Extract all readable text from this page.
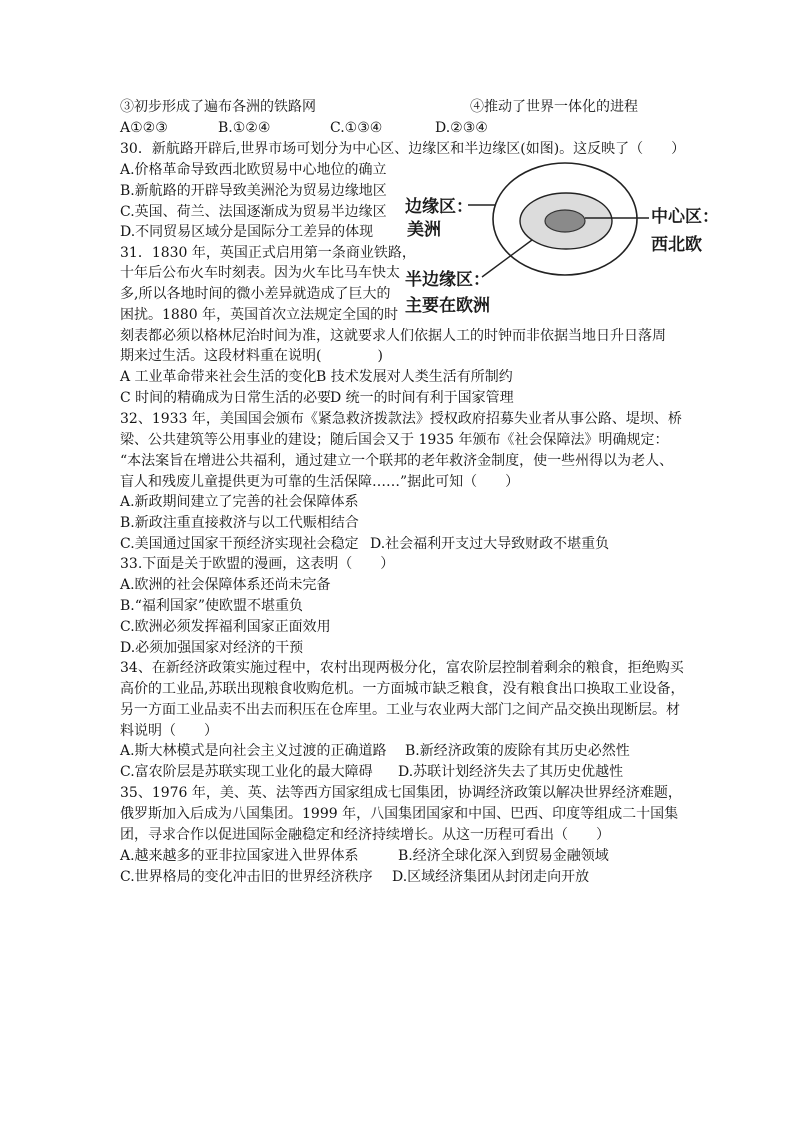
③初步形成了遍布各洲的铁路网	④推动了世界一体化的进程
A①②③	B.①②④	C.①③④	D.②③④
30．新航路开辟后,世界市场可划分为中心区、边缘区和半边缘区(如图)。这反映了（　　）
A.价格革命导致西北欧贸易中心地位的确立
B.新航路的开辟导致美洲沦为贸易边缘地区
C.英国、荷兰、法国逐渐成为贸易半边缘区
D.不同贸易区域分是国际分工差异的体现
边缘区：
美洲
中心区：
西北欧
半边缘区：
主要在欧洲
31．1830 年，英国正式启用第一条商业铁路，
十年后公布火车时刻表。因为火车比马车快太
多,所以各地时间的微小差异就造成了巨大的
困扰。1880 年，英国首次立法规定全国的时
刻表都必须以格林尼治时间为准，这就要求人们依据人工的时钟而非依据当地日升日落周
期来过生活。这段材料重在说明(　　　　)
A 工业革命带来社会生活的变化 B 技术发展对人类生活有所制约
C 时间的精确成为日常生活的必要
D 统一的时间有利于国家管理
32、1933 年，美国国会颁布《紧急救济拨款法》授权政府招募失业者从事公路、堤坝、桥
梁、公共建筑等公用事业的建设；随后国会又于 1935 年颁布《社会保障法》明确规定：
“本法案旨在增进公共福利，通过建立一个联邦的老年救济金制度，使一些州得以为老人、
盲人和残废儿童提供更为可靠的生活保障……”据此可知（　　）
A.新政期间建立了完善的社会保障体系
B.新政注重直接救济与以工代赈相结合
C.美国通过国家干预经济实现社会稳定 D.社会福利开支过大导致财政不堪重负
33.下面是关于欧盟的漫画，这表明（　　）
A.欧洲的社会保障体系还尚未完备
B.“福利国家”使欧盟不堪重负
C.欧洲必须发挥福利国家正面效用
D.必须加强国家对经济的干预
34、在新经济政策实施过程中，农村出现两极分化，富农阶层控制着剩余的粮食，拒绝购买
高价的工业品,苏联出现粮食收购危机。一方面城市缺乏粮食，没有粮食出口换取工业设备，
另一方面工业品卖不出去而积压在仓库里。工业与农业两大部门之间产品交换出现断层。材
料说明（　　）
A.斯大林模式是向社会主义过渡的正确道路 B.新经济政策的废除有其历史必然性
C.富农阶层是苏联实现工业化的最大障碍 D.苏联计划经济失去了其历史优越性
35、1976 年，美、英、法等西方国家组成七国集团，协调经济政策以解决世界经济难题，
俄罗斯加入后成为八国集团。1999 年，八国集团国家和中国、巴西、印度等组成二十国集
团，寻求合作以促进国际金融稳定和经济持续增长。从这一历程可看出（　　）
A.越来越多的亚非拉国家进入世界体系	B.经济全球化深入到贸易金融领域
C.世界格局的变化冲击旧的世界经济秩序 D.区域经济集团从封闭走向开放
